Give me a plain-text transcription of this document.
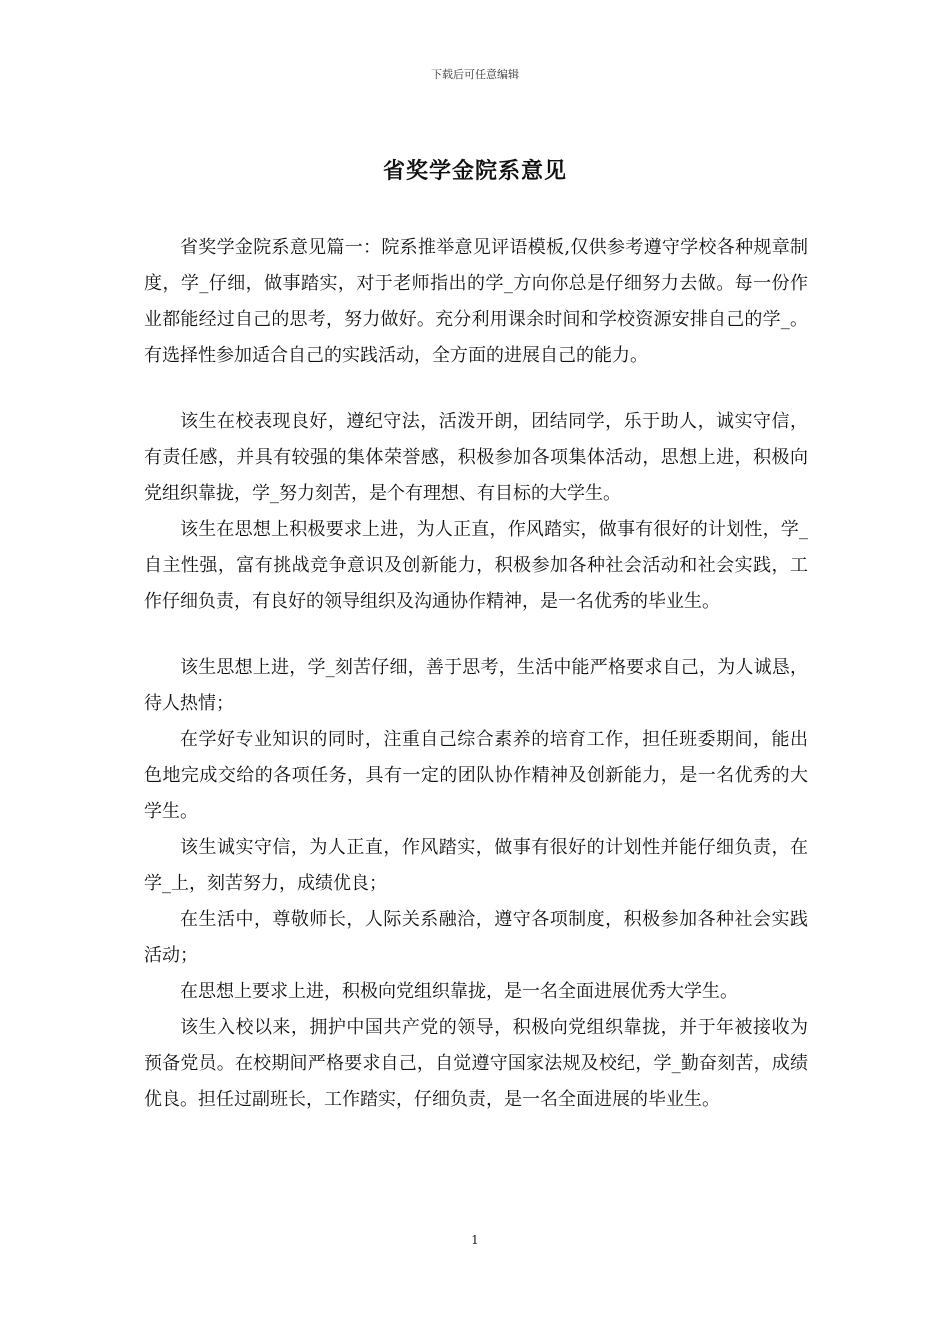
下载后可任意编辑
省奖学金院系意见

省奖学金院系意见篇一：院系推举意见评语模板,仅供参考遵守学校各种规章制度，学_仔细，做事踏实，对于老师指出的学_方向你总是仔细努力去做。每一份作业都能经过自己的思考，努力做好。充分利用课余时间和学校资源安排自己的学_。有选择性参加适合自己的实践活动，全方面的进展自己的能力。

该生在校表现良好，遵纪守法，活泼开朗，团结同学，乐于助人，诚实守信，有责任感，并具有较强的集体荣誉感，积极参加各项集体活动，思想上进，积极向党组织靠拢，学_努力刻苦，是个有理想、有目标的大学生。

该生在思想上积极要求上进，为人正直，作风踏实，做事有很好的计划性，学_自主性强，富有挑战竞争意识及创新能力，积极参加各种社会活动和社会实践，工作仔细负责，有良好的领导组织及沟通协作精神，是一名优秀的毕业生。

该生思想上进，学_刻苦仔细，善于思考，生活中能严格要求自己，为人诚恳，待人热情；

在学好专业知识的同时，注重自己综合素养的培育工作，担任班委期间，能出色地完成交给的各项任务，具有一定的团队协作精神及创新能力，是一名优秀的大学生。

该生诚实守信，为人正直，作风踏实，做事有很好的计划性并能仔细负责，在学_上，刻苦努力，成绩优良；

在生活中，尊敬师长，人际关系融洽，遵守各项制度，积极参加各种社会实践活动；

在思想上要求上进，积极向党组织靠拢，是一名全面进展优秀大学生。

该生入校以来，拥护中国共产党的领导，积极向党组织靠拢，并于年被接收为预备党员。在校期间严格要求自己，自觉遵守国家法规及校纪，学_勤奋刻苦，成绩优良。担任过副班长，工作踏实，仔细负责，是一名全面进展的毕业生。

1
